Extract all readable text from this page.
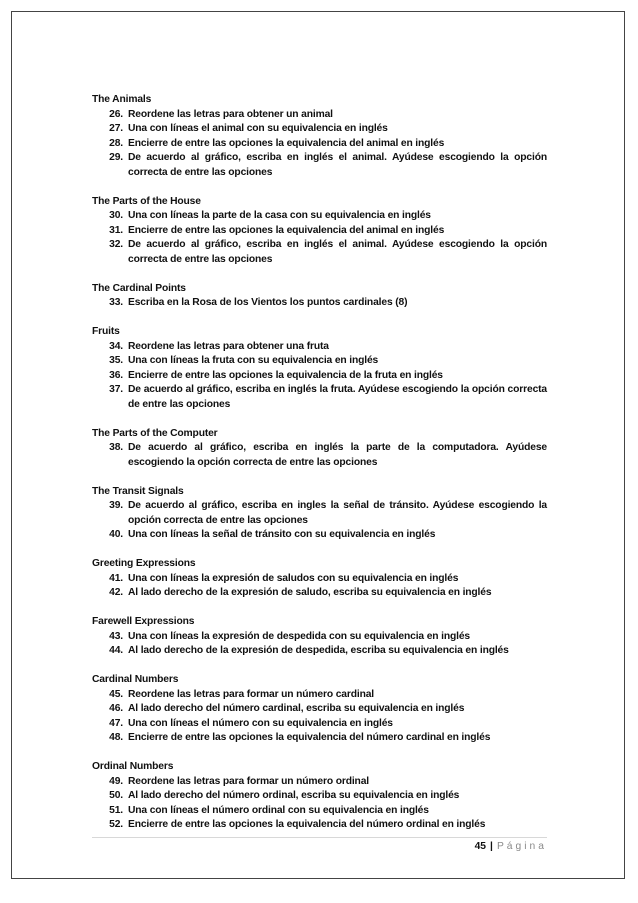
The Animals
26. Reordene las letras para obtener un animal
27. Una con líneas el animal con su equivalencia en inglés
28. Encierre de entre las opciones la equivalencia del animal en inglés
29. De acuerdo al gráfico, escriba en inglés el animal. Ayúdese escogiendo la opción correcta de entre las opciones
The Parts of the House
30. Una con líneas la parte de la casa con su equivalencia en inglés
31. Encierre de entre las opciones la equivalencia del animal en inglés
32. De acuerdo al gráfico, escriba en inglés el animal. Ayúdese escogiendo la opción correcta de entre las opciones
The Cardinal Points
33. Escriba en la Rosa de los Vientos los puntos cardinales (8)
Fruits
34. Reordene las letras para obtener una fruta
35. Una con líneas la fruta con su equivalencia en inglés
36. Encierre de entre las opciones la equivalencia de la fruta en inglés
37. De acuerdo al gráfico, escriba en inglés la fruta. Ayúdese escogiendo la opción correcta de entre las opciones
The Parts of the Computer
38. De acuerdo al gráfico, escriba en inglés la parte de la computadora. Ayúdese escogiendo la opción correcta de entre las opciones
The Transit Signals
39. De acuerdo al gráfico, escriba en ingles la señal de tránsito. Ayúdese escogiendo la opción correcta de entre las opciones
40. Una con líneas la señal de tránsito con su equivalencia en inglés
Greeting Expressions
41. Una con líneas la expresión de saludos con su equivalencia en inglés
42. Al lado derecho de la expresión de saludo, escriba su equivalencia en inglés
Farewell Expressions
43. Una con líneas la expresión de despedida con su equivalencia en inglés
44. Al lado derecho de la expresión de despedida, escriba su equivalencia en inglés
Cardinal Numbers
45. Reordene las letras para formar un número cardinal
46. Al lado derecho del número cardinal, escriba su equivalencia en inglés
47. Una con líneas el número con su equivalencia en inglés
48. Encierre de entre las opciones la equivalencia del número cardinal en inglés
Ordinal Numbers
49. Reordene las letras para formar un número ordinal
50. Al lado derecho del número ordinal, escriba su equivalencia en inglés
51. Una con líneas el número ordinal con su equivalencia en inglés
52. Encierre de entre las opciones la equivalencia del número ordinal en inglés
45 | Página
